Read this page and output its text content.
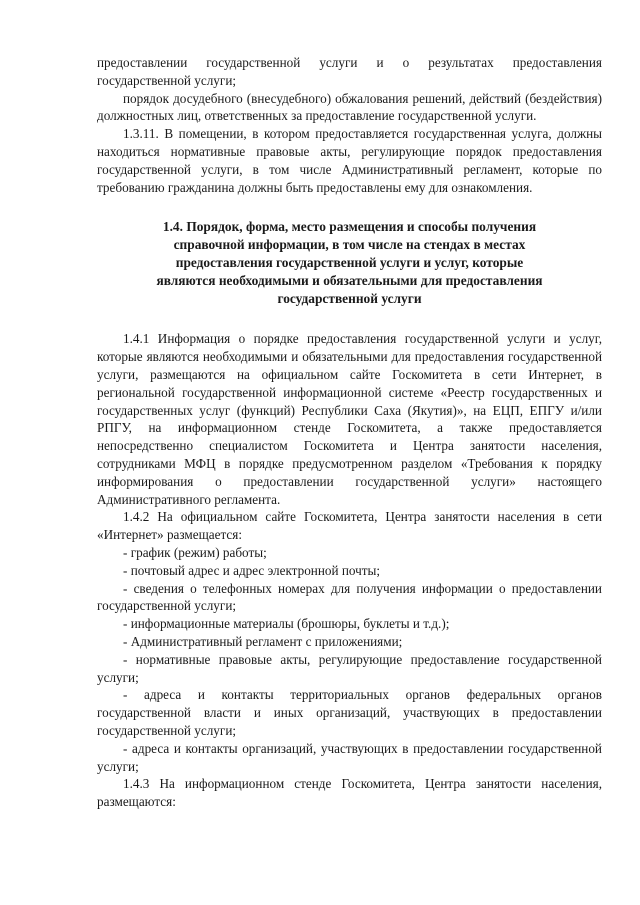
предоставлении государственной услуги и о результатах предоставления государственной услуги;

порядок досудебного (внесудебного) обжалования решений, действий (бездействия) должностных лиц, ответственных за предоставление государственной услуги.

1.3.11. В помещении, в котором предоставляется государственная услуга, должны находиться нормативные правовые акты, регулирующие порядок предоставления государственной услуги, в том числе Административный регламент, которые по требованию гражданина должны быть предоставлены ему для ознакомления.

1.4. Порядок, форма, место размещения и способы получения
справочной информации, в том числе на стендах в местах
предоставления государственной услуги и услуг, которые
являются необходимыми и обязательными для предоставления
государственной услуги

1.4.1 Информация о порядке предоставления государственной услуги и услуг, которые являются необходимыми и обязательными для предоставления государственной услуги, размещаются на официальном сайте Госкомитета в сети Интернет, в региональной государственной информационной системе «Реестр государственных и государственных услуг (функций) Республики Саха (Якутия)», на ЕЦП, ЕПГУ и/или РПГУ, на информационном стенде Госкомитета, а также предоставляется непосредственно специалистом Госкомитета и Центра занятости населения, сотрудниками МФЦ в порядке предусмотренном разделом «Требования к порядку информирования о предоставлении государственной услуги» настоящего Административного регламента.

1.4.2 На официальном сайте Госкомитета, Центра занятости населения в сети «Интернет» размещается:

- график (режим) работы;

- почтовый адрес и адрес электронной почты;

- сведения о телефонных номерах для получения информации о предоставлении государственной услуги;

- информационные материалы (брошюры, буклеты и т.д.);

- Административный регламент с приложениями;

- нормативные правовые акты, регулирующие предоставление государственной услуги;

- адреса и контакты территориальных органов федеральных органов государственной власти и иных организаций, участвующих в предоставлении государственной услуги;

- адреса и контакты организаций, участвующих в предоставлении государственной услуги;

1.4.3 На информационном стенде Госкомитета, Центра занятости населения, размещаются:
